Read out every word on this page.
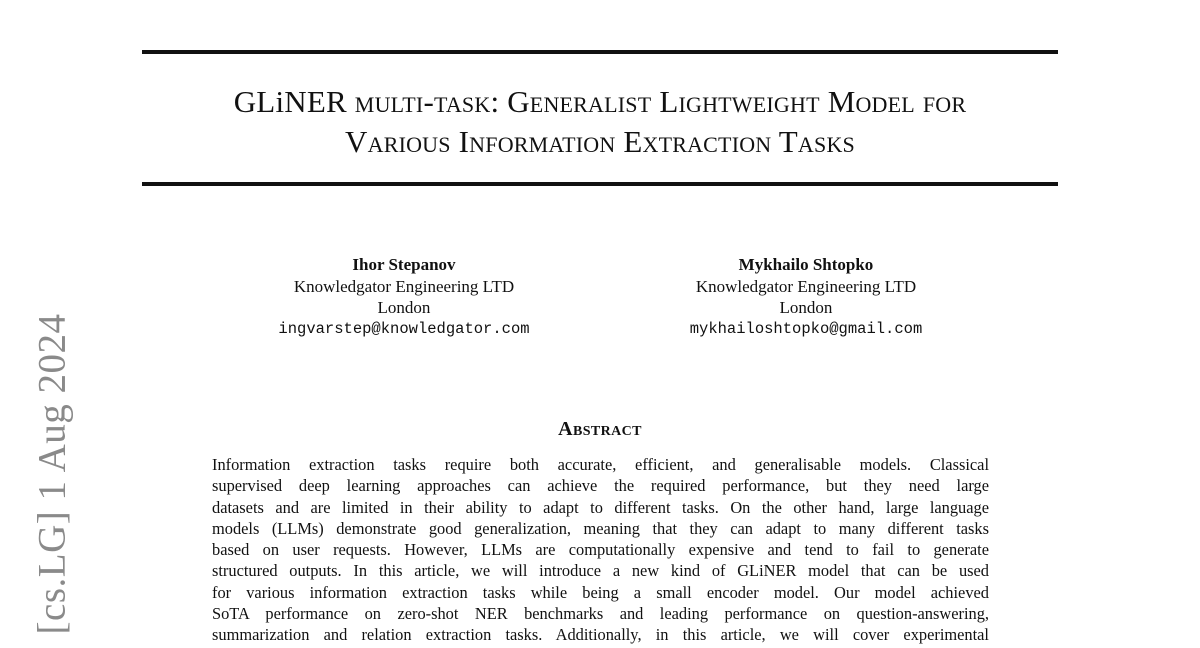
GLiNER multi-task: Generalist Lightweight Model for
Various Information Extraction Tasks
Ihor Stepanov
Knowledgator Engineering LTD
London
ingvarstep@knowledgator.com
Mykhailo Shtopko
Knowledgator Engineering LTD
London
mykhailoshtopko@gmail.com
Abstract
Information extraction tasks require both accurate, efficient, and generalisable models. Classical
supervised deep learning approaches can achieve the required performance, but they need large
datasets and are limited in their ability to adapt to different tasks. On the other hand, large language
models (LLMs) demonstrate good generalization, meaning that they can adapt to many different tasks
based on user requests. However, LLMs are computationally expensive and tend to fail to generate
structured outputs. In this article, we will introduce a new kind of GLiNER model that can be used
for various information extraction tasks while being a small encoder model. Our model achieved
SoTA performance on zero-shot NER benchmarks and leading performance on question-answering,
summarization and relation extraction tasks. Additionally, in this article, we will cover experimental
[cs.LG] 1 Aug 2024
